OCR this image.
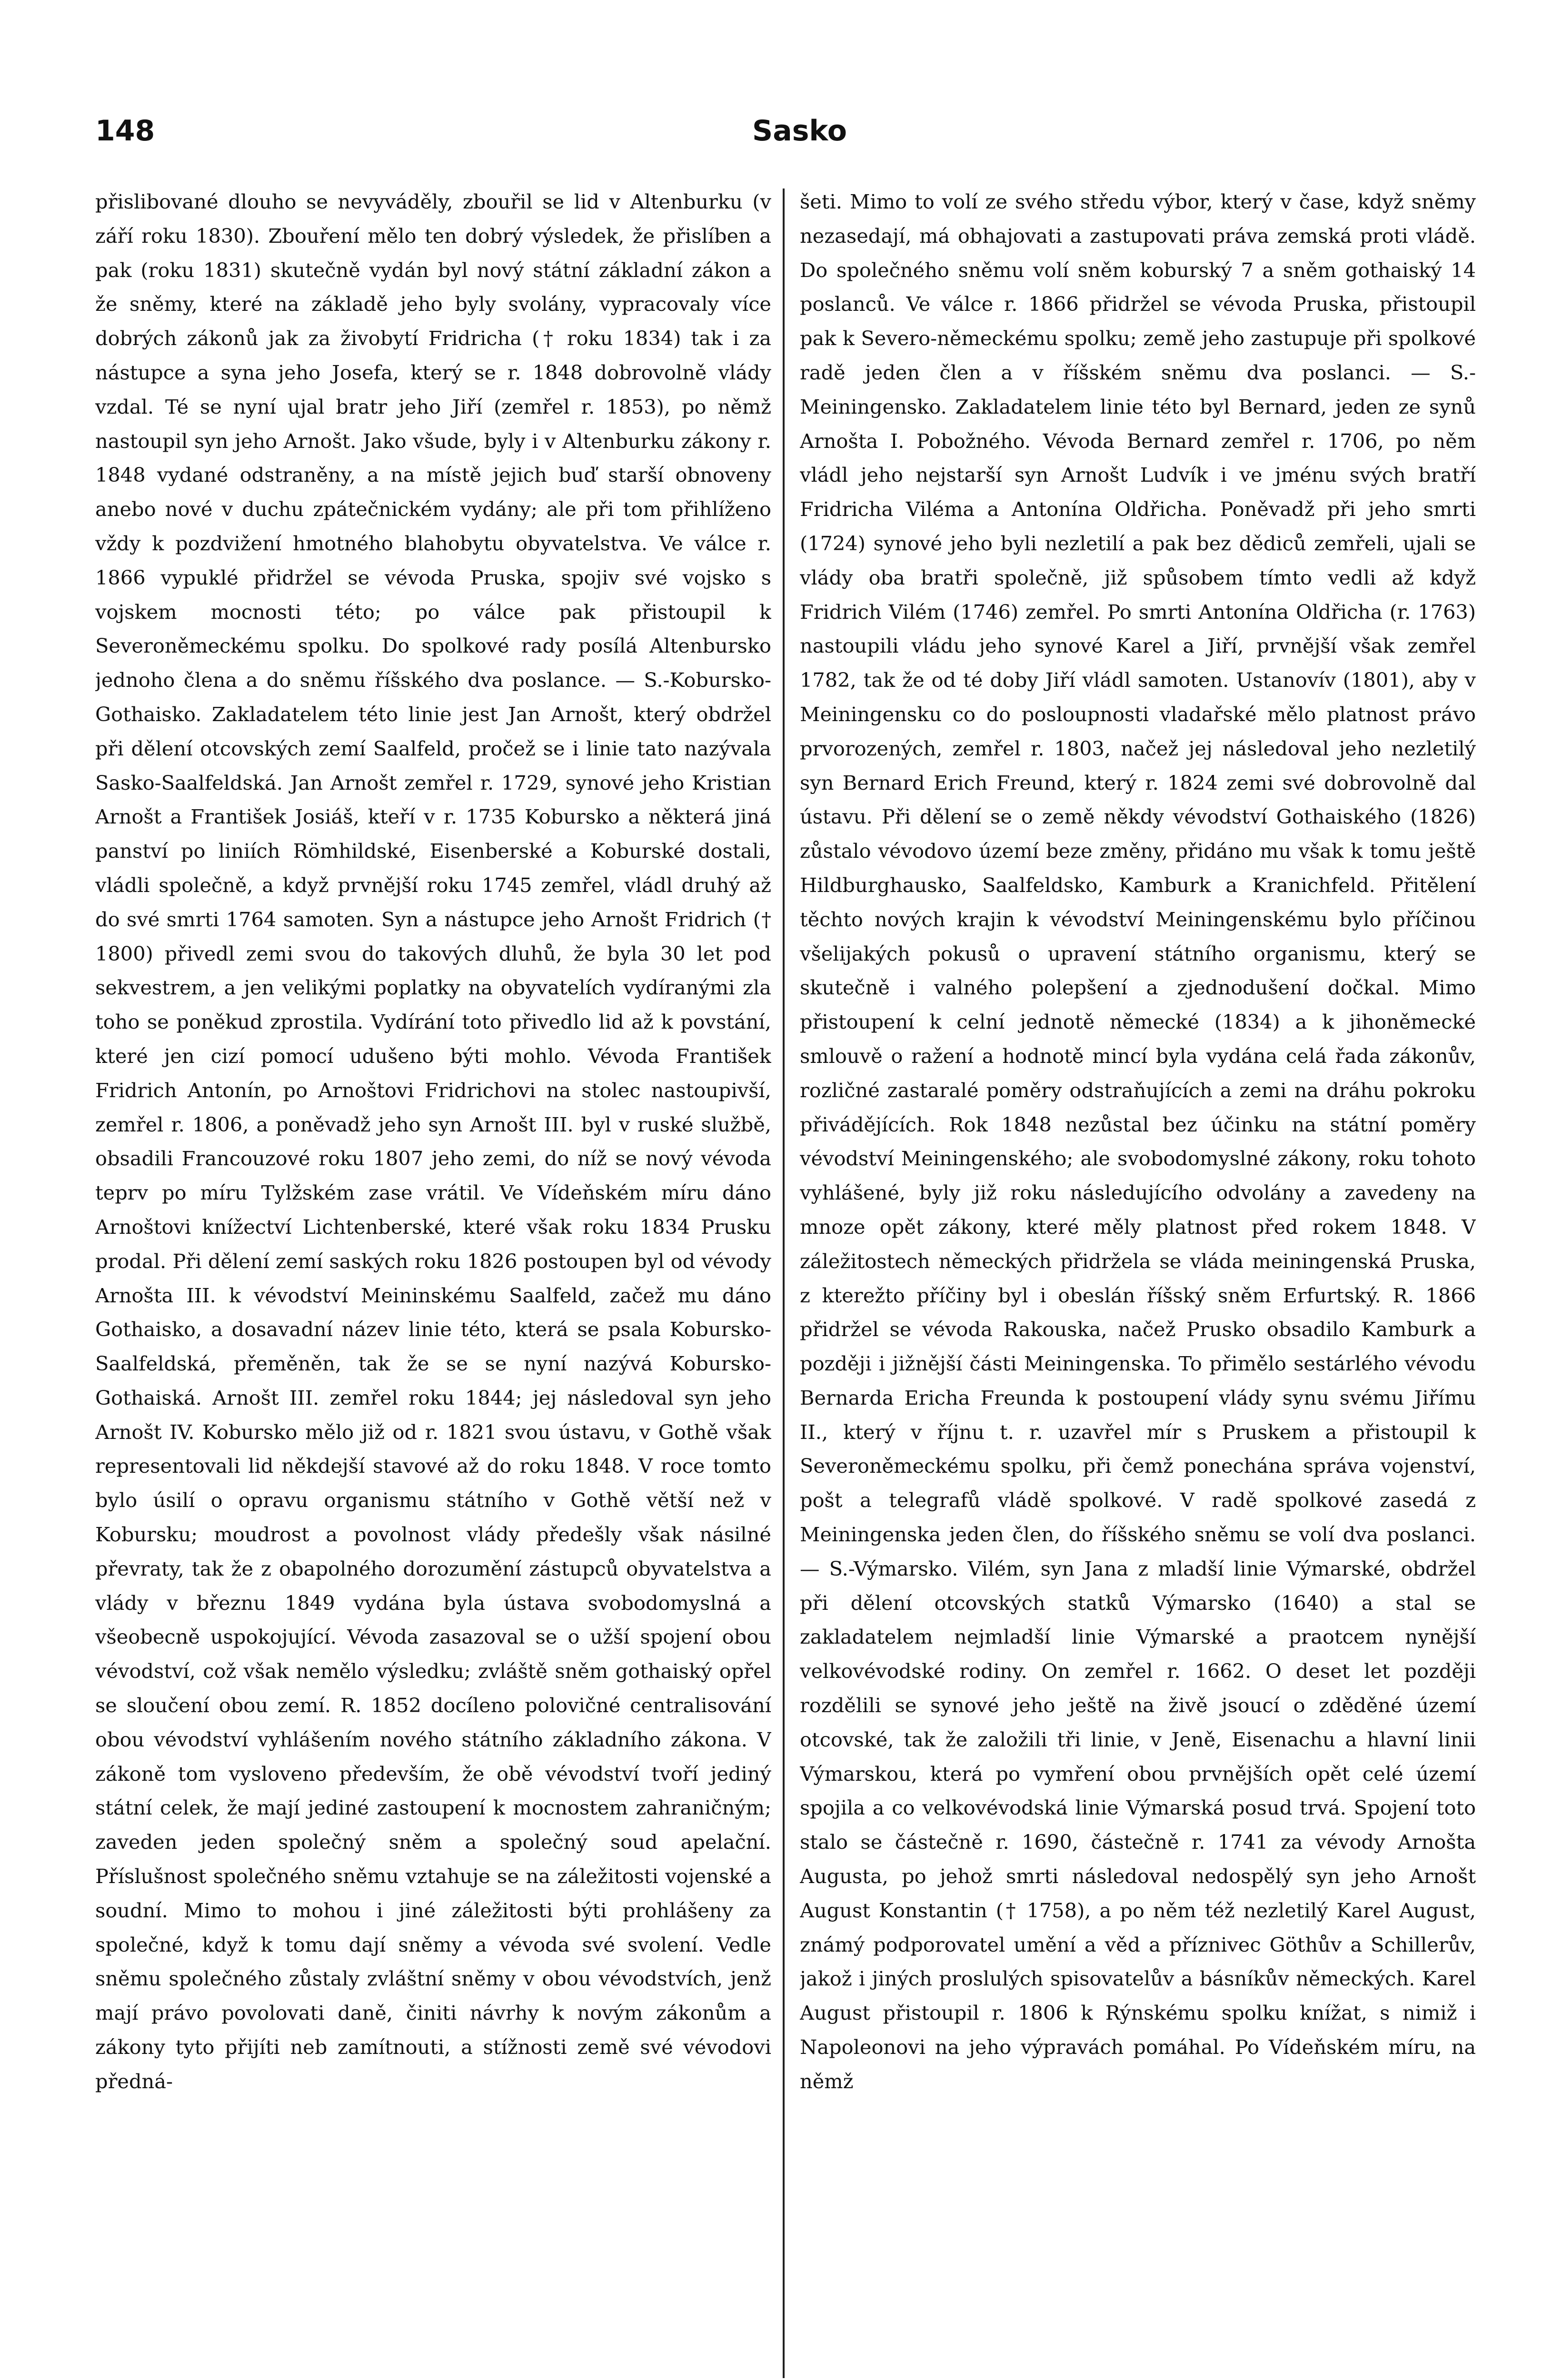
148	Sasko

přislibované dlouho se nevyváděly, zbouřil se lid v Altenburku (v září roku 1830). Zbouření mělo ten dobrý výsledek, že přislíben a pak (roku 1831) skutečně vydán byl nový státní základní zákon a že sněmy, které na základě jeho byly svolány, vypracovaly více dobrých zákonů jak za živobytí Fridricha († roku 1834) tak i za nástupce a syna jeho Josefa, který se r. 1848 dobrovolně vlády vzdal. Té se nyní ujal bratr jeho Jiří (zemřel r. 1853), po němž nastoupil syn jeho Arnošt. Jako všude, byly i v Altenburku zákony r. 1848 vydané odstraněny, a na místě jejich buď starší obnoveny anebo nové v duchu zpátečnickém vydány; ale při tom přihlíženo vždy k pozdvižení hmotného blahobytu obyvatelstva. Ve válce r. 1866 vypuklé přidržel se vévoda Pruska, spojiv své vojsko s vojskem mocnosti této; po válce pak přistoupil k Severoněmeckému spolku. Do spolkové rady posílá Altenbursko jednoho člena a do sněmu říšského dva poslance. — S.-Kobursko-Gothaisko. Zakladatelem této linie jest Jan Arnošt, který obdržel při dělení otcovských zemí Saalfeld, pročež se i linie tato nazývala Sasko-Saalfeldská. Jan Arnošt zemřel r. 1729, synové jeho Kristian Arnošt a František Josiáš, kteří v r. 1735 Kobursko a některá jiná panství po liniích Römhildské, Eisenberské a Koburské dostali, vládli společně, a když prvnější roku 1745 zemřel, vládl druhý až do své smrti 1764 samoten. Syn a nástupce jeho Arnošt Fridrich († 1800) přivedl zemi svou do takových dluhů, že byla 30 let pod sekvestrem, a jen velikými poplatky na obyvatelích vydíranými zla toho se poněkud zprostila. Vydírání toto přivedlo lid až k povstání, které jen cizí pomocí udušeno býti mohlo. Vévoda František Fridrich Antonín, po Arnoštovi Fridrichovi na stolec nastoupivší, zemřel r. 1806, a poněvadž jeho syn Arnošt III. byl v ruské službě, obsadili Francouzové roku 1807 jeho zemi, do níž se nový vévoda teprv po míru Tylžském zase vrátil. Ve Vídeňském míru dáno Arnoštovi knížectví Lichtenberské, které však roku 1834 Prusku prodal. Při dělení zemí saských roku 1826 postoupen byl od vévody Arnošta III. k vévodství Meininskému Saalfeld, začež mu dáno Gothaisko, a dosavadní název linie této, která se psala Kobursko-Saalfeldská, přeměněn, tak že se se nyní nazývá Kobursko-Gothaiská. Arnošt III. zemřel roku 1844; jej následoval syn jeho Arnošt IV. Kobursko mělo již od r. 1821 svou ústavu, v Gothě však representovali lid někdejší stavové až do roku 1848. V roce tomto bylo úsilí o opravu organismu státního v Gothě větší než v Kobursku; moudrost a povolnost vlády předešly však násilné převraty, tak že z obapolného dorozumění zástupců obyvatelstva a vlády v březnu 1849 vydána byla ústava svobodomyslná a všeobecně uspokojující. Vévoda zasazoval se o užší spojení obou vévodství, což však nemělo výsledku; zvláště sněm gothaiský opřel se sloučení obou zemí. R. 1852 docíleno polovičné centralisování obou vévodství vyhlášením nového státního základního zákona. V zákoně tom vysloveno především, že obě vévodství tvoří jediný státní celek, že mají jediné zastoupení k mocnostem zahraničným; zaveden jeden společný sněm a společný soud apelační. Příslušnost společného sněmu vztahuje se na záležitosti vojenské a soudní. Mimo to mohou i jiné záležitosti býti prohlášeny za společné, když k tomu dají sněmy a vévoda své svolení. Vedle sněmu společného zůstaly zvláštní sněmy v obou vévodstvích, jenž mají právo povolovati daně, činiti návrhy k novým zákonům a zákony tyto přijíti neb zamítnouti, a stížnosti země své vévodovi předná-

šeti. Mimo to volí ze svého středu výbor, který v čase, když sněmy nezasedají, má obhajovati a zastupovati práva zemská proti vládě. Do společného sněmu volí sněm koburský 7 a sněm gothaiský 14 poslanců. Ve válce r. 1866 přidržel se vévoda Pruska, přistoupil pak k Severo-německému spolku; země jeho zastupuje při spolkové radě jeden člen a v říšském sněmu dva poslanci. — S.-Meiningensko. Zakladatelem linie této byl Bernard, jeden ze synů Arnošta I. Pobožného. Vévoda Bernard zemřel r. 1706, po něm vládl jeho nejstarší syn Arnošt Ludvík i ve jménu svých bratří Fridricha Viléma a Antonína Oldřicha. Poněvadž při jeho smrti (1724) synové jeho byli nezletilí a pak bez dědiců zemřeli, ujali se vlády oba bratři společně, již spůsobem tímto vedli až když Fridrich Vilém (1746) zemřel. Po smrti Antonína Oldřicha (r. 1763) nastoupili vládu jeho synové Karel a Jiří, prvnější však zemřel 1782, tak že od té doby Jiří vládl samoten. Ustanovív (1801), aby v Meiningensku co do posloupnosti vladařské mělo platnost právo prvorozených, zemřel r. 1803, načež jej následoval jeho nezletilý syn Bernard Erich Freund, který r. 1824 zemi své dobrovolně dal ústavu. Při dělení se o země někdy vévodství Gothaiského (1826) zůstalo vévodovo území beze změny, přidáno mu však k tomu ještě Hildburghausko, Saalfeldsko, Kamburk a Kranichfeld. Přitělení těchto nových krajin k vévodství Meiningenskému bylo příčinou všelijakých pokusů o upravení státního organismu, který se skutečně i valného polepšení a zjednodušení dočkal. Mimo přistoupení k celní jednotě německé (1834) a k jihoněmecké smlouvě o ražení a hodnotě mincí byla vydána celá řada zákonův, rozličné zastaralé poměry odstraňujících a zemi na dráhu pokroku přivádějících. Rok 1848 nezůstal bez účinku na státní poměry vévodství Meiningenského; ale svobodomyslné zákony, roku tohoto vyhlášené, byly již roku následujícího odvolány a zavedeny na mnoze opět zákony, které měly platnost před rokem 1848. V záležitostech německých přidržela se vláda meiningenská Pruska, z kterežto příčiny byl i obeslán říšský sněm Erfurtský. R. 1866 přidržel se vévoda Rakouska, načež Prusko obsadilo Kamburk a později i jižnější části Meiningenska. To přimělo sestárlého vévodu Bernarda Ericha Freunda k postoupení vlády synu svému Jiřímu II., který v říjnu t. r. uzavřel mír s Pruskem a přistoupil k Severoněmeckému spolku, při čemž ponechána správa vojenství, pošt a telegrafů vládě spolkové. V radě spolkové zasedá z Meiningenska jeden člen, do říšského sněmu se volí dva poslanci. — S.-Výmarsko. Vilém, syn Jana z mladší linie Výmarské, obdržel při dělení otcovských statků Výmarsko (1640) a stal se zakladatelem nejmladší linie Výmarské a praotcem nynější velkovévodské rodiny. On zemřel r. 1662. O deset let později rozdělili se synové jeho ještě na živě jsoucí o zděděné území otcovské, tak že založili tři linie, v Jeně, Eisenachu a hlavní linii Výmarskou, která po vymření obou prvnějších opět celé území spojila a co velkovévodská linie Výmarská posud trvá. Spojení toto stalo se částečně r. 1690, částečně r. 1741 za vévody Arnošta Augusta, po jehož smrti následoval nedospělý syn jeho Arnošt August Konstantin († 1758), a po něm též nezletilý Karel August, známý podporovatel umění a věd a příznivec Göthův a Schillerův, jakož i jiných proslulých spisovatelův a básníkův německých. Karel August přistoupil r. 1806 k Rýnskému spolku knížat, s nimiž i Napoleonovi na jeho výpravách pomáhal. Po Vídeňském míru, na němž
